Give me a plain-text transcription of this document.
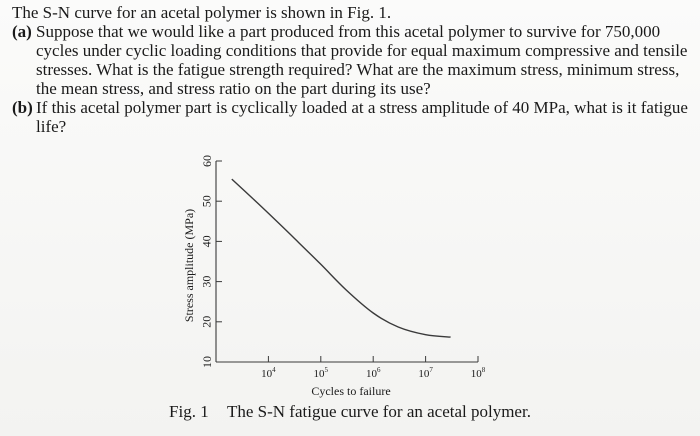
The S-N curve for an acetal polymer is shown in Fig. 1.

(a) Suppose that we would like a part produced from this acetal polymer to survive for 750,000 cycles under cyclic loading conditions that provide for equal maximum compressive and tensile stresses. What is the fatigue strength required? What are the maximum stress, minimum stress, the mean stress, and stress ratio on the part during its use?

(b) If this acetal polymer part is cyclically loaded at a stress amplitude of 40 MPa, what is it fatigue life?

10
20
30
40
50
60
$10^4$	$10^5$	$10^6$	$10^7$	$10^8$
Cycles to failure
Stress amplitude (MPa)
Fig. 1 The S-N fatigue curve for an acetal polymer.
